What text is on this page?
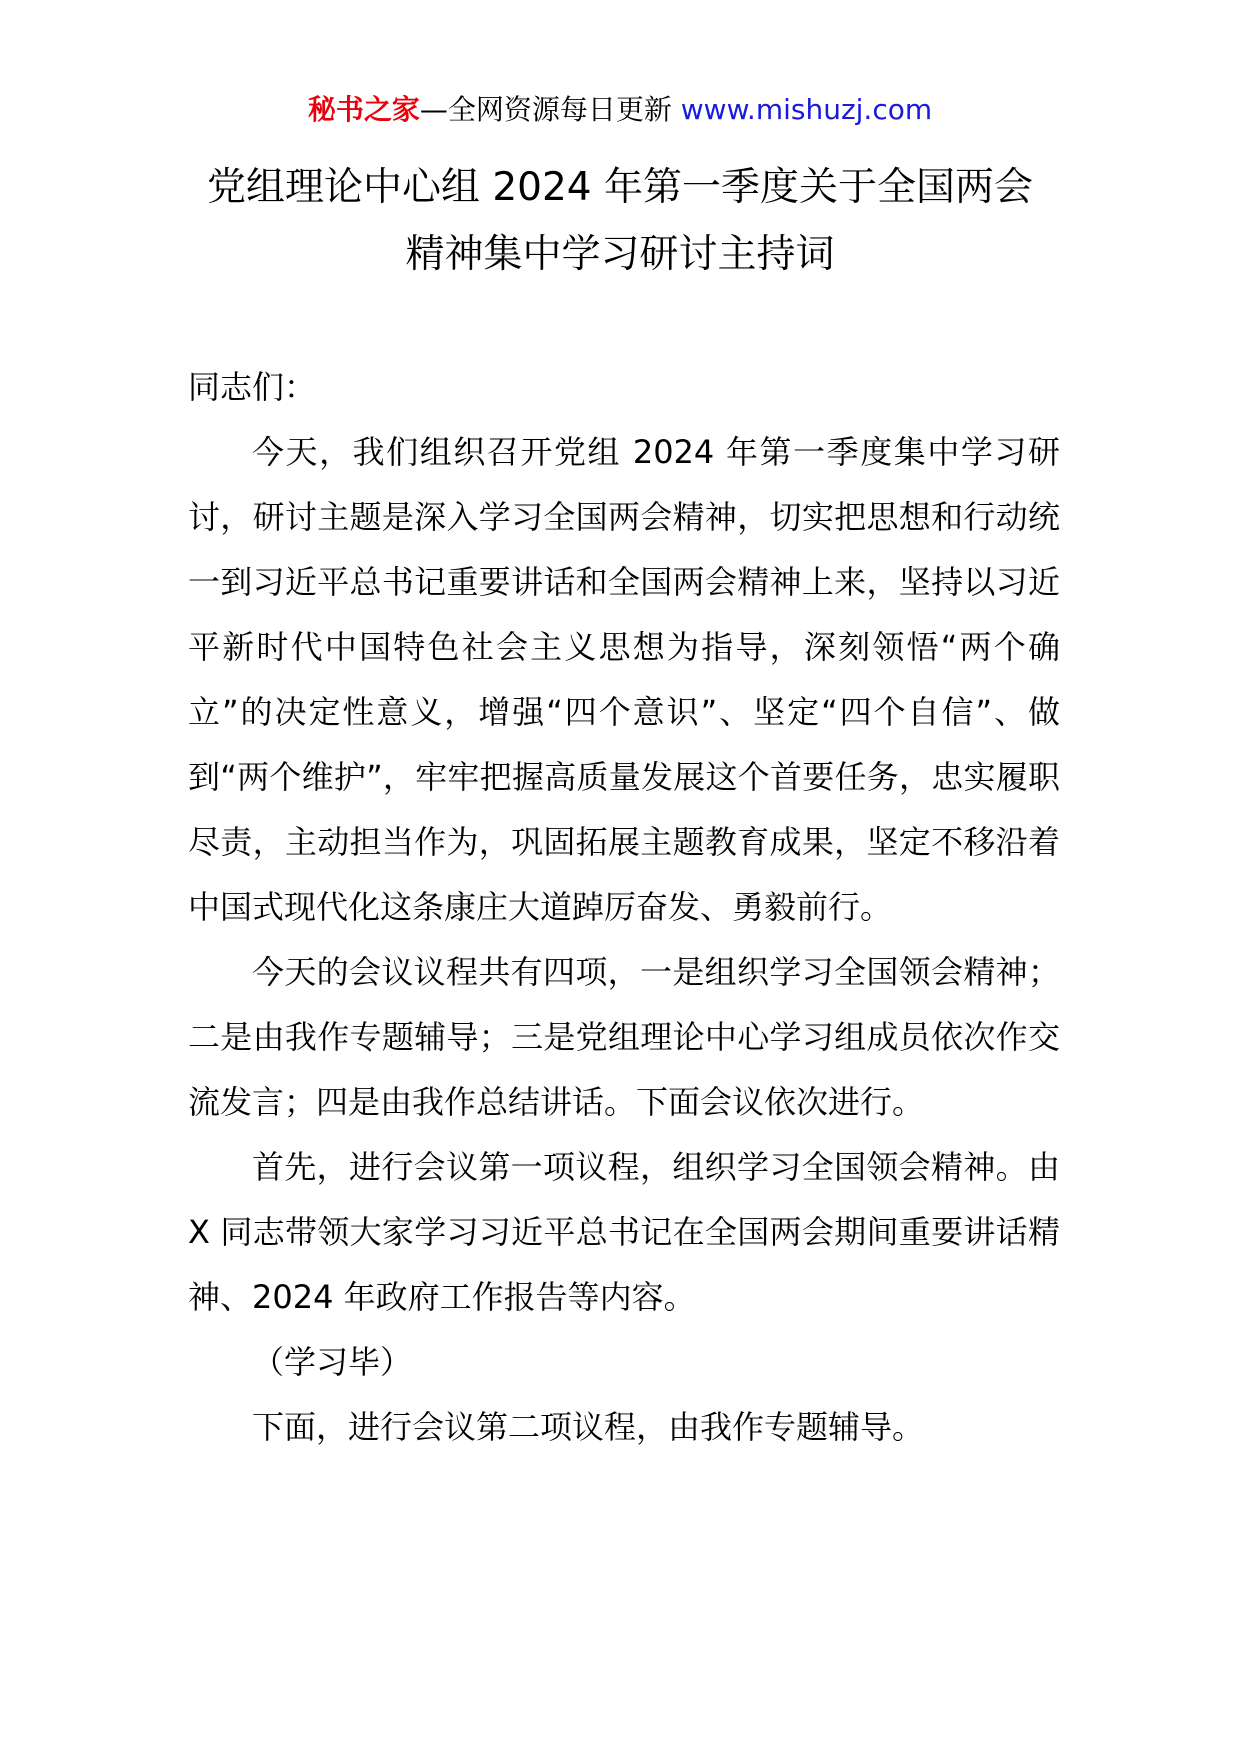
秘书之家—全网资源每日更新 www.mishuzj.com
党组理论中心组 2024 年第一季度关于全国两会
精神集中学习研讨主持词

同志们：

今天，我们组织召开党组 2024 年第一季度集中学习研讨，研讨主题是深入学习全国两会精神，切实把思想和行动统一到习近平总书记重要讲话和全国两会精神上来，坚持以习近平新时代中国特色社会主义思想为指导，深刻领悟“两个确立”的决定性意义，增强“四个意识”、坚定“四个自信”、做到“两个维护”，牢牢把握高质量发展这个首要任务，忠实履职尽责，主动担当作为，巩固拓展主题教育成果，坚定不移沿着中国式现代化这条康庄大道踔厉奋发、勇毅前行。

今天的会议议程共有四项，一是组织学习全国领会精神；二是由我作专题辅导；三是党组理论中心学习组成员依次作交流发言；四是由我作总结讲话。下面会议依次进行。

首先，进行会议第一项议程，组织学习全国领会精神。由 X 同志带领大家学习习近平总书记在全国两会期间重要讲话精神、2024 年政府工作报告等内容。

（学习毕）

下面，进行会议第二项议程，由我作专题辅导。
